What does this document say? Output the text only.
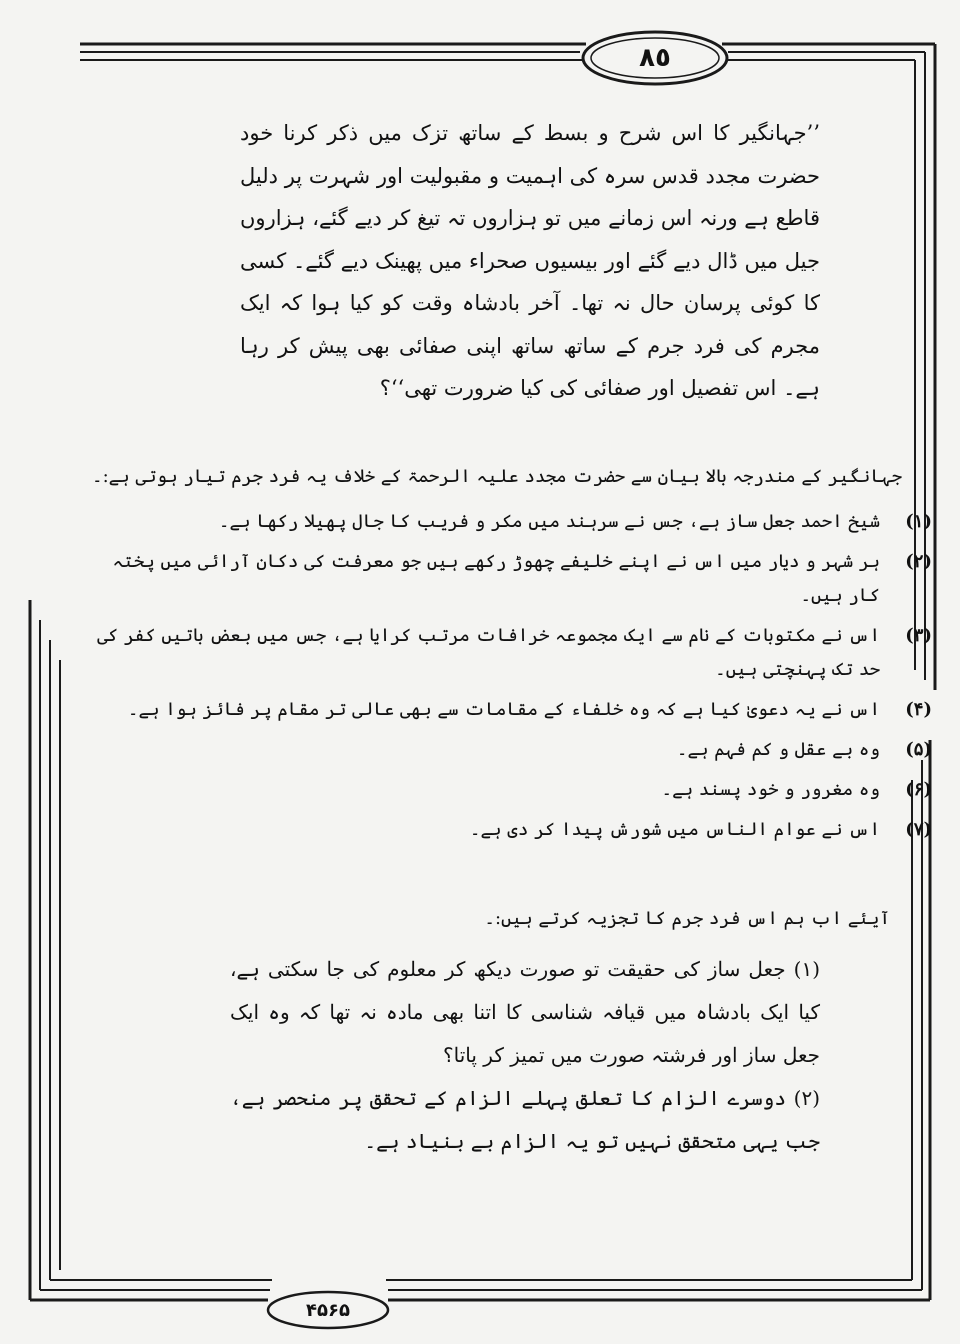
٨٥
۴۵۶۵
’’جہانگیر کا اس شرح و بسط کے ساتھ تزک میں ذکر کرنا خود حضرت مجدد قدس سرہ کی اہمیت و مقبولیت اور شہرت پر دلیل قاطع ہے ورنہ اس زمانے میں تو ہزاروں تہ تیغ کر دیے گئے، ہزاروں جیل میں ڈال دیے گئے اور بیسیوں صحراء میں پھینک دیے گئے۔ کسی کا کوئی پرسان حال نہ تھا۔ آخر بادشاہ وقت کو کیا ہوا کہ ایک مجرم کی فرد جرم کے ساتھ ساتھ اپنی صفائی بھی پیش کر رہا ہے۔ اس تفصیل اور صفائی کی کیا ضرورت تھی‘‘؟
جہانگیر کے مندرجہ بالا بیان سے حضرت مجدد علیہ الرحمۃ کے خلاف یہ فرد جرم تیار ہوتی ہے:۔
(۱)
شیخ احمد جعل ساز ہے، جس نے سرہند میں مکر و فریب کا جال پھیلا رکھا ہے۔
(۲)
ہر شہر و دیار میں اس نے اپنے خلیفے چھوڑ رکھے ہیں جو معرفت کی دکان آرائی میں پختہ کار ہیں۔
(۳)
اس نے مکتوبات کے نام سے ایک مجموعہ خرافات مرتب کرایا ہے، جس میں بعض باتیں کفر کی حد تک پہنچتی ہیں۔
(۴)
اس نے یہ دعویٰ کیا ہے کہ وہ خلفاء کے مقامات سے بھی عالی تر مقام پر فائز ہوا ہے۔
(۵)
وہ بے عقل و کم فہم ہے۔
(۶)
وہ مغرور و خود پسند ہے۔
(۷)
اس نے عوام الناس میں شورش پیدا کر دی ہے۔
آیئے اب ہم اس فرد جرم کا تجزیہ کرتے ہیں:۔

(۱) جعل ساز کی حقیقت تو صورت دیکھ کر معلوم کی جا سکتی ہے، کیا ایک بادشاہ میں قیافہ شناسی کا اتنا بھی مادہ نہ تھا کہ وہ ایک جعل ساز اور فرشتہ صورت میں تمیز کر پاتا؟

(۲) دوسرے الزام کا تعلق پہلے الزام کے تحقق پر منحصر ہے، جب یہی متحقق نہیں تو یہ الزام بے بنیاد ہے۔
